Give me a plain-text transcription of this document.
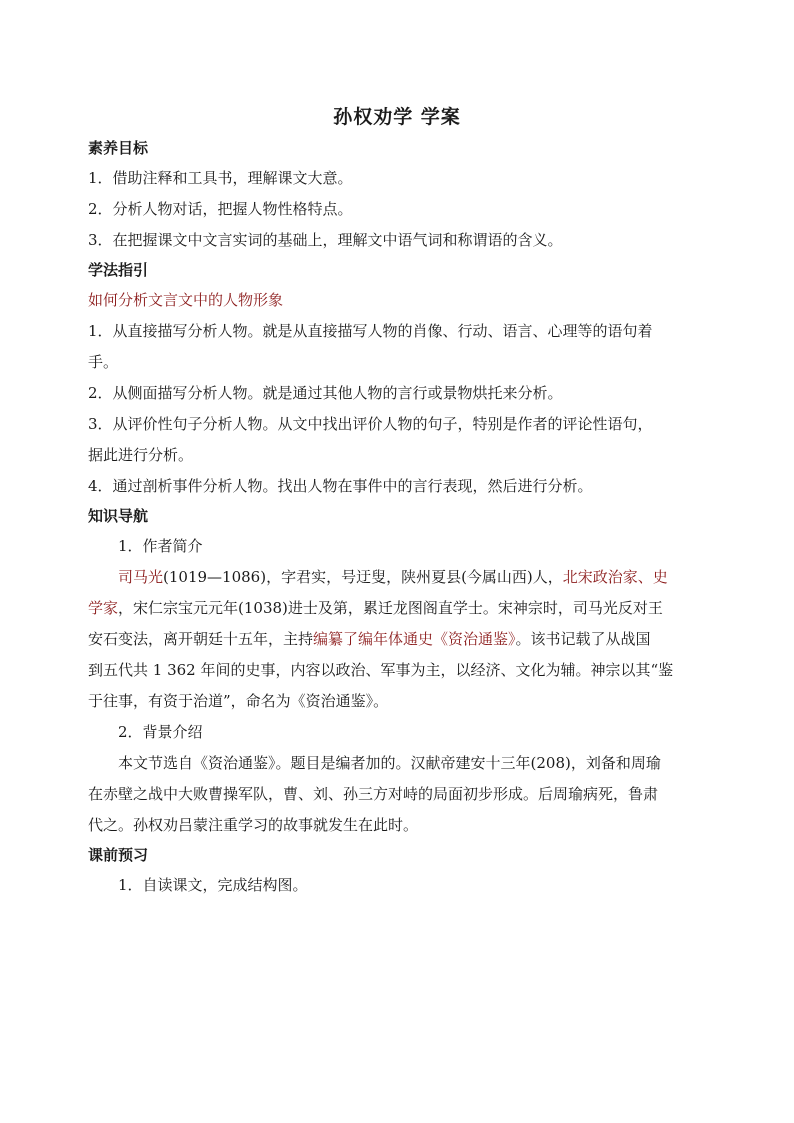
孙权劝学 学案
素养目标
1．借助注释和工具书，理解课文大意。
2．分析人物对话，把握人物性格特点。
3．在把握课文中文言实词的基础上，理解文中语气词和称谓语的含义。
学法指引
如何分析文言文中的人物形象
1．从直接描写分析人物。就是从直接描写人物的肖像、行动、语言、心理等的语句着
手。
2．从侧面描写分析人物。就是通过其他人物的言行或景物烘托来分析。
3．从评价性句子分析人物。从文中找出评价人物的句子，特别是作者的评论性语句，
据此进行分析。
4．通过剖析事件分析人物。找出人物在事件中的言行表现，然后进行分析。
知识导航
1．作者简介
司马光(1019—1086)，字君实，号迂叟，陕州夏县(今属山西)人，北宋政治家、史
学家，宋仁宗宝元元年(1038)进士及第，累迁龙图阁直学士。宋神宗时，司马光反对王
安石变法，离开朝廷十五年，主持编纂了编年体通史《资治通鉴》。该书记载了从战国
到五代共 1 362 年间的史事，内容以政治、军事为主，以经济、文化为辅。神宗以其“鉴
于往事，有资于治道”，命名为《资治通鉴》。
2．背景介绍
本文节选自《资治通鉴》。题目是编者加的。汉献帝建安十三年(208)，刘备和周瑜
在赤壁之战中大败曹操军队，曹、刘、孙三方对峙的局面初步形成。后周瑜病死，鲁肃
代之。孙权劝吕蒙注重学习的故事就发生在此时。
课前预习
1．自读课文，完成结构图。
